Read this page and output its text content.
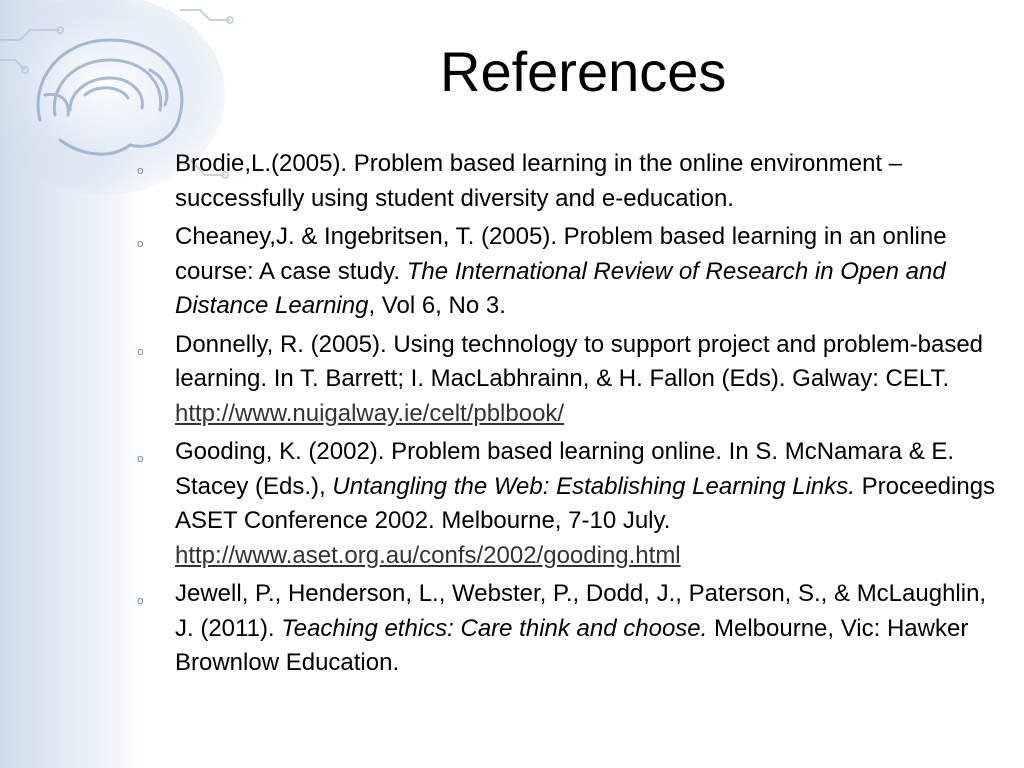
References
o Brodie,L.(2005). Problem based learning in the online environment – successfully using student diversity and e-education.
o Cheaney,J. & Ingebritsen, T. (2005). Problem based learning in an online course: A case study. The International Review of Research in Open and Distance Learning, Vol 6, No 3.
o Donnelly, R. (2005). Using technology to support project and problem-based learning. In T. Barrett; I. MacLabhrainn, & H. Fallon (Eds). Galway: CELT.
http://www.nuigalway.ie/celt/pblbook/
o Gooding, K. (2002). Problem based learning online. In S. McNamara & E. Stacey (Eds.), Untangling the Web: Establishing Learning Links. Proceedings ASET Conference 2002. Melbourne, 7-10 July. http://www.aset.org.au/confs/2002/gooding.html
o Jewell, P., Henderson, L., Webster, P., Dodd, J., Paterson, S., & McLaughlin, J. (2011). Teaching ethics: Care think and choose. Melbourne, Vic: Hawker Brownlow Education.
